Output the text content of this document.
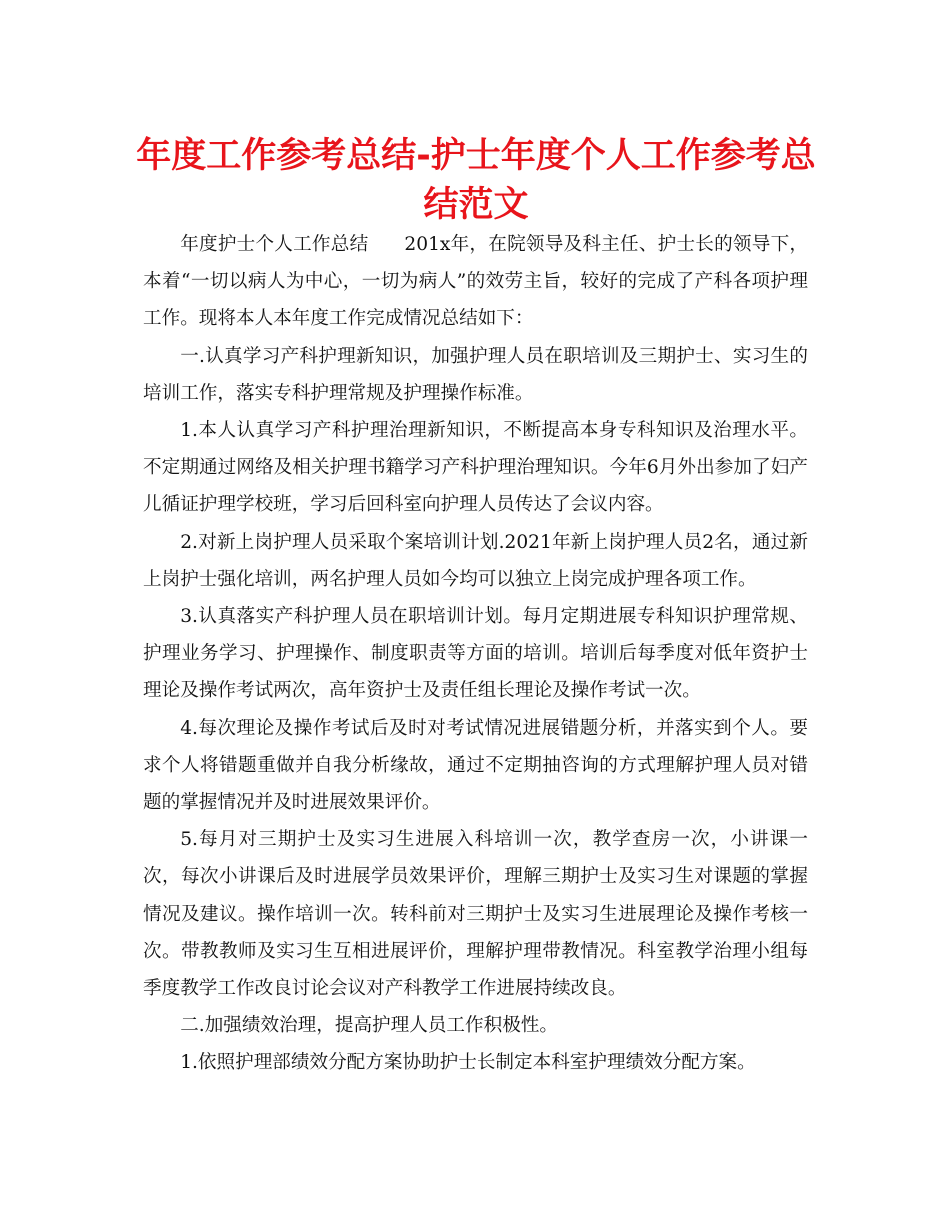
年度工作参考总结-护士年度个人工作参考总结范文

年度护士个人工作总结 201x年，在院领导及科主任、护士长的领导下，本着“一切以病人为中心，一切为病人”的效劳主旨，较好的完成了产科各项护理工作。现将本人本年度工作完成情况总结如下：

一.认真学习产科护理新知识，加强护理人员在职培训及三期护士、实习生的培训工作，落实专科护理常规及护理操作标准。

1.本人认真学习产科护理治理新知识，不断提高本身专科知识及治理水平。不定期通过网络及相关护理书籍学习产科护理治理知识。今年6月外出参加了妇产儿循证护理学校班，学习后回科室向护理人员传达了会议内容。

2.对新上岗护理人员采取个案培训计划.2021年新上岗护理人员2名，通过新上岗护士强化培训，两名护理人员如今均可以独立上岗完成护理各项工作。

3.认真落实产科护理人员在职培训计划。每月定期进展专科知识护理常规、护理业务学习、护理操作、制度职责等方面的培训。培训后每季度对低年资护士理论及操作考试两次，高年资护士及责任组长理论及操作考试一次。

4.每次理论及操作考试后及时对考试情况进展错题分析，并落实到个人。要求个人将错题重做并自我分析缘故，通过不定期抽咨询的方式理解护理人员对错题的掌握情况并及时进展效果评价。

5.每月对三期护士及实习生进展入科培训一次，教学查房一次，小讲课一次，每次小讲课后及时进展学员效果评价，理解三期护士及实习生对课题的掌握情况及建议。操作培训一次。转科前对三期护士及实习生进展理论及操作考核一次。带教教师及实习生互相进展评价，理解护理带教情况。科室教学治理小组每季度教学工作改良讨论会议对产科教学工作进展持续改良。

二.加强绩效治理，提高护理人员工作积极性。

1.依照护理部绩效分配方案协助护士长制定本科室护理绩效分配方案。
